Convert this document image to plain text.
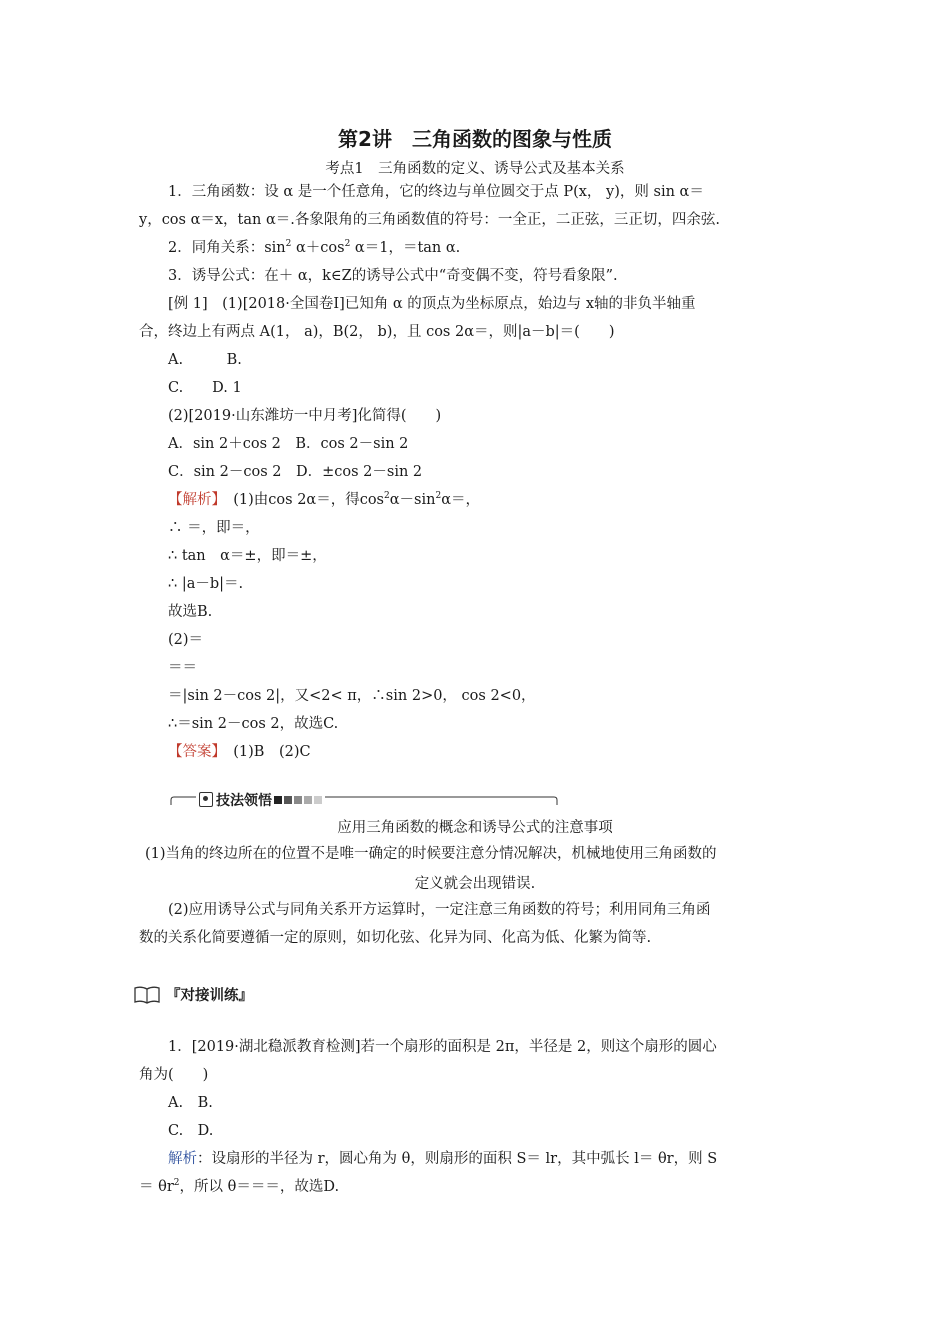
第2讲　三角函数的图象与性质
考点1　三角函数的定义、诱导公式及基本关系
1．三角函数：设 α 是一个任意角，它的终边与单位圆交于点 P(x， y)，则 sin α＝
y，cos α＝x，tan α＝.各象限角的三角函数值的符号：一全正，二正弦，三正切，四余弦.
2．同角关系：$\sin^2 \alpha+\cos^2$ α＝1，＝tan α.
3．诱导公式：在＋ α，k∈Z的诱导公式中“奇变偶不变，符号看象限”.
[例 1]　(1)[2018·全国卷Ⅰ]已知角 α 的顶点为坐标原点，始边与 x轴的非负半轴重
合，终边上有两点 A(1， a)，B(2， b)，且 cos 2α＝，则|a－b|＝(　　)
A.　　　B.
C.　　D. 1
(2)[2019·山东潍坊一中月考]化简得(　　)
A．sin 2＋cos 2　B．cos 2－sin 2
C．sin 2－cos 2　D．±cos 2－sin 2
【解析】　(1)由cos 2α＝，得$\cos^2\alpha-\sin^2\alpha=$，
∴ ＝，即＝，
∴ tan　α＝±，即＝±，
∴ |a－b|＝.
故选B.
(2)＝
＝＝
＝|sin 2－cos 2|，又<2< π，∴sin 2>0， cos 2<0，
∴＝sin 2－cos 2，故选C.
【答案】　(1)B　(2)C
技法领悟
应用三角函数的概念和诱导公式的注意事项
(1)当角的终边所在的位置不是唯一确定的时候要注意分情况解决，机械地使用三角函数的
定义就会出现错误.
(2)应用诱导公式与同角关系开方运算时，一定注意三角函数的符号；利用同角三角函
数的关系化简要遵循一定的原则，如切化弦、化异为同、化高为低、化繁为简等.
『对接训练』
1．[2019·湖北稳派教育检测]若一个扇形的面积是 2π，半径是 2，则这个扇形的圆心
角为(　　)
A.　B.
C.　D.
解析：设扇形的半径为 r，圆心角为 θ，则扇形的面积 S＝ lr，其中弧长 l＝ θr，则 S
＝ $\theta r^2$，所以 θ＝＝＝，故选D.
